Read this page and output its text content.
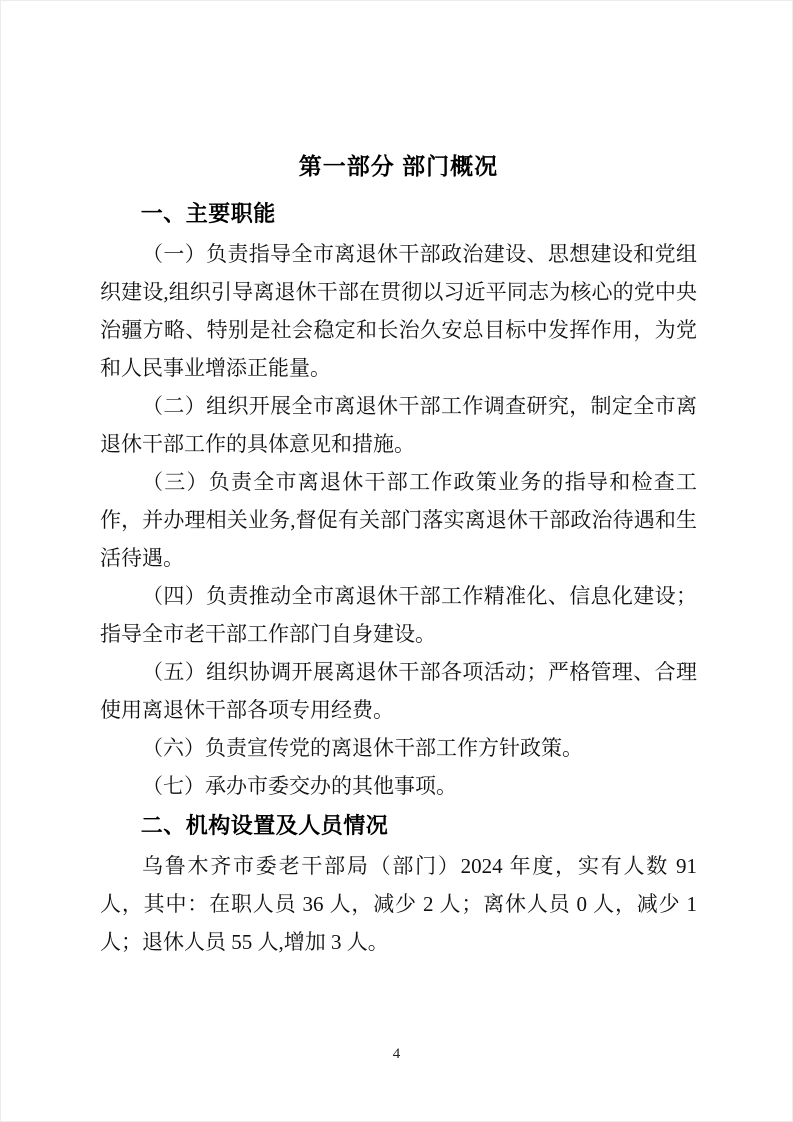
第一部分 部门概况
一、主要职能

（一）负责指导全市离退休干部政治建设、思想建设和党组织建设,组织引导离退休干部在贯彻以习近平同志为核心的党中央治疆方略、特别是社会稳定和长治久安总目标中发挥作用，为党和人民事业增添正能量。

（二）组织开展全市离退休干部工作调查研究，制定全市离退休干部工作的具体意见和措施。

（三）负责全市离退休干部工作政策业务的指导和检查工作，并办理相关业务,督促有关部门落实离退休干部政治待遇和生活待遇。

（四）负责推动全市离退休干部工作精准化、信息化建设；指导全市老干部工作部门自身建设。

（五）组织协调开展离退休干部各项活动；严格管理、合理使用离退休干部各项专用经费。

（六）负责宣传党的离退休干部工作方针政策。

（七）承办市委交办的其他事项。

二、机构设置及人员情况

乌鲁木齐市委老干部局（部门）2024 年度，实有人数 91 人，其中：在职人员 36 人，减少 2 人；离休人员 0 人，减少 1 人；退休人员 55 人,增加 3 人。

4
